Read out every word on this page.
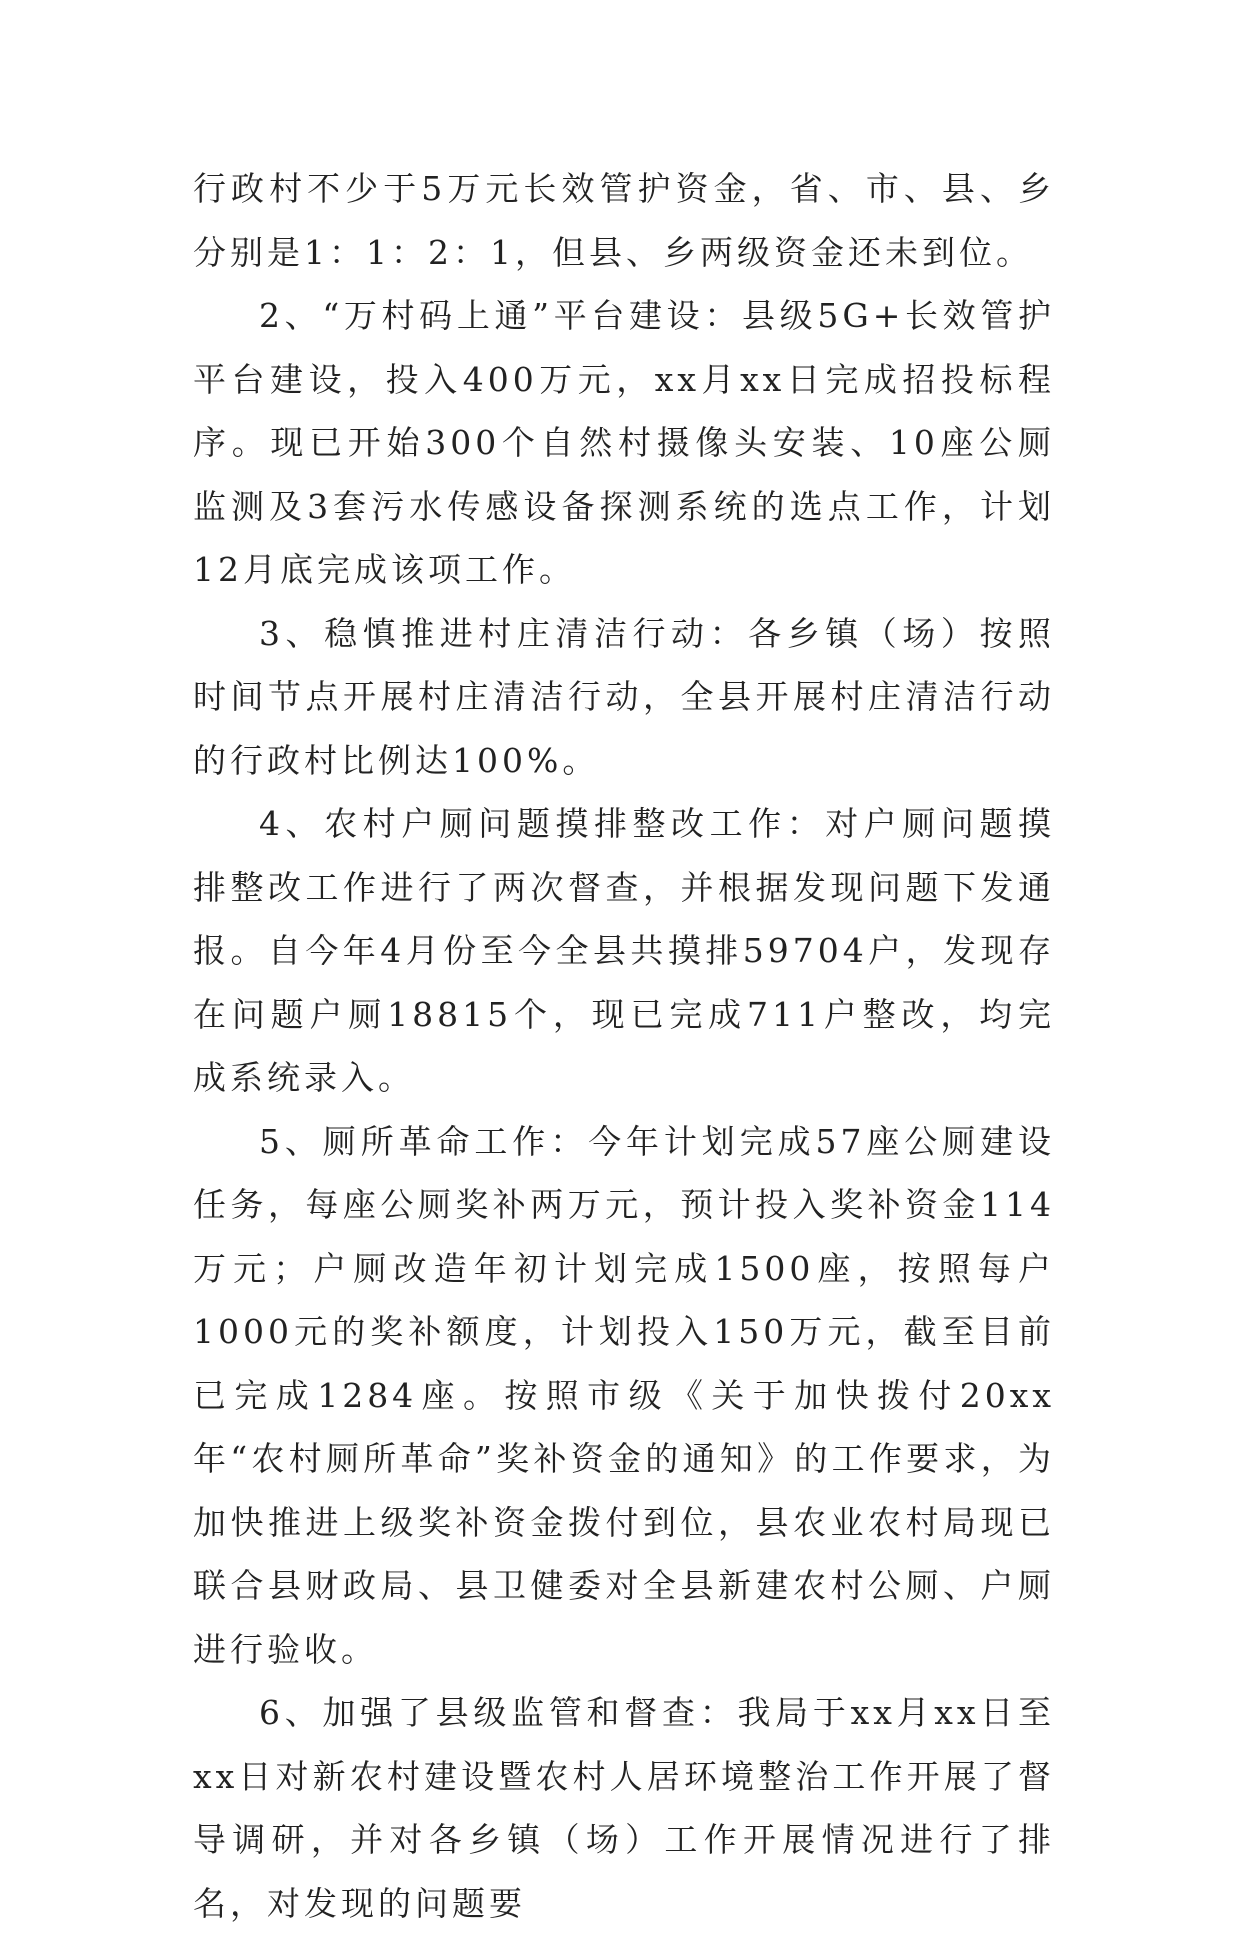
行政村不少于5万元长效管护资金，省、市、县、乡分别是1：1：2：1，但县、乡两级资金还未到位。

2、“万村码上通”平台建设：县级5G+长效管护平台建设，投入400万元，xx月xx日完成招投标程序。现已开始300个自然村摄像头安装、10座公厕监测及3套污水传感设备探测系统的选点工作，计划12月底完成该项工作。

3、稳慎推进村庄清洁行动：各乡镇（场）按照时间节点开展村庄清洁行动，全县开展村庄清洁行动的行政村比例达100%。

4、农村户厕问题摸排整改工作：对户厕问题摸排整改工作进行了两次督查，并根据发现问题下发通报。自今年4月份至今全县共摸排59704户，发现存在问题户厕18815个，现已完成711户整改，均完成系统录入。

5、厕所革命工作：今年计划完成57座公厕建设任务，每座公厕奖补两万元，预计投入奖补资金114万元；户厕改造年初计划完成1500座，按照每户1000元的奖补额度，计划投入150万元，截至目前已完成1284座。按照市级《关于加快拨付20xx年“农村厕所革命”奖补资金的通知》的工作要求，为加快推进上级奖补资金拨付到位，县农业农村局现已联合县财政局、县卫健委对全县新建农村公厕、户厕进行验收。

6、加强了县级监管和督查：我局于xx月xx日至xx日对新农村建设暨农村人居环境整治工作开展了督导调研，并对各乡镇（场）工作开展情况进行了排名，对发现的问题要
